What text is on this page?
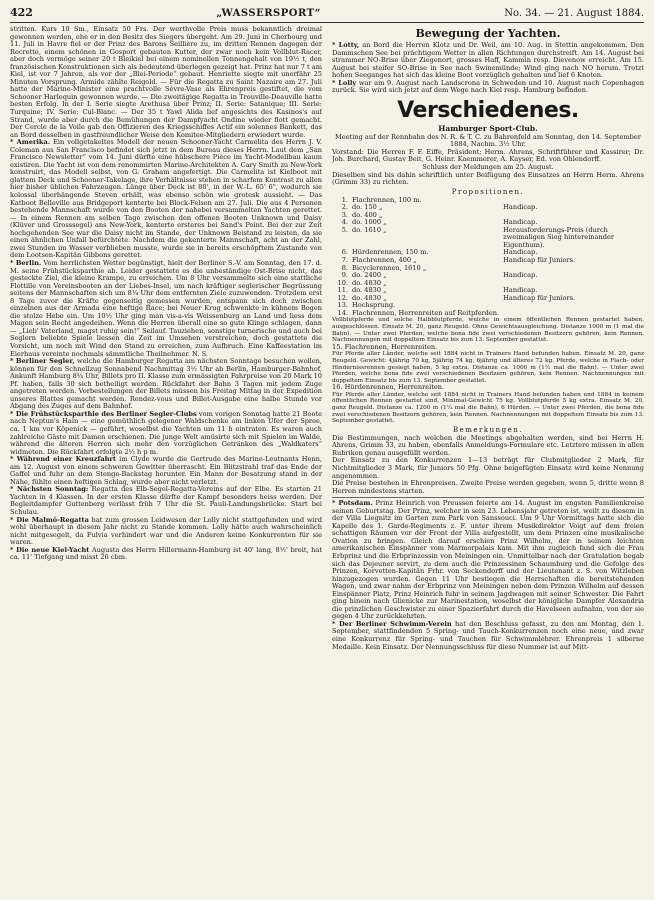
422	„WASSERSPORT“	No. 34. — 21. August 1884.

stritten. Kurs 10 Sm., Einsatz 50 Frs. Der werthvolle Preis muss bekanntlich dreimal gewonnen werden, ehe er in den Besitz des Siegers übergeht. Am 29. Juni in Cherbourg und 11. Juli in Havre fiel er der Prinz des Barons Seillière zu, im dritten Rennen dagegen der Recrette, einem schönen in Gosport gebauten Kutter, der zwar noch kein Vollblut-Racer, aber doch vermöge seiner 20 t Bleikiel bei einem nominellen Tonnengehalt von 19½ t, den französischen Konstruktionen sich als bedeutend überlegen gezeigt hat. Prinz hat nur 7 t am Kiel, ist vor 7 Jahren, als vor der „Blei-Periode“ gebaut. Henriette siegte mit unerfähr 25 Minuten Vorsprung. Armide zählte Reigold. — Für die Regatta zu Saint Nazaire am 27. Juli hatte der Marine-Minister eine prachtvolle Sèvre-Vase als Ehrenpreis gestiftet, die vom Schooner Harlequin gewonnen wurde. — Die zweitägige Regatta in Trouville-Deauville hatte besten Erfolg. In der I. Serie siegte Arethusa über Prinz; II. Serie: Satanique; III. Serie: Turquine; IV. Serie: Cul-Blanc. — Der 35 t Yawl Alida lief angesichts des Kasinos's auf Strand, wurde aber durch die Bemühungen der Dampfyacht Ondine wieder flott gemacht. Der Cercle de la Voile gab den Offizieren des Kriegsschiffes Actif ein solennes Bankett, das an Bord desselben in gastfreundlicher Weise den Komitee-Mitgliedern erwiedert wurde.

* Amerika. Ein vollgetakeltes Modell der neuen Schooner-Yacht Carmelita des Herrn J. V. Coleman aus San Francisco befindet sich jetzt in dem Bureau dieses Herrn. Laut dem „San Francisco Newsletter“ vom 14. Juni dürfte eine hübschere Pièce im Yacht-Modellbau kaum existiren. Die Yacht ist von dem renommirten Marine-Architekten A. Cary Smith zu New-York konstruirt, das Modell selbst, von G. Graham angefertigt. Die Carmelita ist Kielboot mit glattem Deck und Schooner-Takelage, ihre Verhältnisse stehen in scharfem Kontrast zu allen hier bisher üblichen Fahrzeugen. Länge über Deck ist 80', in der W.-L. 65' 6", wodurch sie kolossal überhängende Steven erhält, was ebenso schön wie grotesk aussieht. — Das Katboot Belleville aus Bridgeport kenterte bei Block-Felsen am 27. Juli. Die aus 4 Personen bestehende Mannschaft wurde von den Booten der nahebei versammelten Yachten gerettet. — In einem Rennen am selben Tage zwischen den offenen Booten Unknown und Daisy (Klüver und Grosssegel) ans New-York, kenterte ersteres bei Sand's Point. Bei der zur Zeit hochgehenden See war die Daisy nicht im Stande, der Unknown Beistand zu leisten, da sie einen ähnlichen Unfall befürchtete. Nachdem die gekenterte Mannschaft, acht an der Zahl, zwei Stunden im Wasser verblieben musste, wurde sie in bereits erschöpftem Zustande von dem Lootsen-Kapitän Gibbons gerettet.

* Berlin. Vom herrlichsten Wetter begünstigt, hielt der Berliner S.-V. am Sonntag, den 17. d. M. seine Frühstücksparthie ab. Leider gestattete es die unbeständige Ost-Brise nicht, das gesteckte Ziel, die kleine Krampe, zu erreichen. Um 8 Uhr versammelte sich eine stattliche Flottille von Vereinsbooten an der Liebes-Insel, um nach kräftiger seglerischer Begrüssung seitens der Mannschaften sich um 8¼ Uhr dem entfernten Ziele zuzuwenden. Trotzdem erst 8 Tage zuvor die Kräfte gegenseitig gemessen wurden, entspann sich doch zwischen einzelnen aus der Armada eine heftige Race; bei Neuer Krug schwenkte in kühnem Bogen die stolze Hebe ein. Um 10½ Uhr ging man vis-a-vis Weissenburg an Land und liess dem Magen sein Recht angedeihen. Wenn die Herren überall eine so gute Klinge schlagen, dann — „Lieb' Vaterland, magst ruhig sein!“ Seilauf. Tauziehen, sonstige turnerische und auch bei Seglern beliebte Spiele liessen die Zeit im Umsehen verstreichen, doch gestattete die Vorsicht, um noch mit Wind den Stand zu erreichen, zum Aufbruch. Eine Kaffeestation im Eierhaus vereinte nochmals sämmtliche Theilnehmer. N. S.

* Berliner Segler, welche die Hamburger Regatta am nächsten Sonntage besuchen wollen, können für den Schnellzug Sonnabend Nachmittag 3½ Uhr ab Berlin, Hamburger-Bahnhof, Ankunft Hamburg 8¾ Uhr, Billets pro II. Klasse zum ermässigten Fahrpreise von 20 Mark 10 Pf. haben, falls 30 sich betheiligt werden. Rückfahrt der Bahn 3 Tagen mit jedem Zuge angetreten werden. Vorbestellungen der Billets müssen bis Freitag Mittag in der Expedition unseres Blattes gemacht werden. Rendez-vous und Billet-Ausgabe eine halbe Stunde vor Abgang des Zuges auf dem Bahnhof.

* Die Frühstücksparthie des Berliner Segler-Clubs vom vorigen Sonntag hatte 21 Boote nach Neptun's Hain — eine gemüthlich gelegener Waldschenke am linken Ufer der Spree, ca. 1 km vor Köpenick — geführt, woselbst die Yachten um 11 h eintraten. Es waren auch zahlreiche Gäste mit Damen erschienen. Die junge Welt amüsirte sich mit Spielen im Walde, während die älteren Herren sich mehr den vorzüglichen Getränken des „Waldkaters“ widmeten. Die Rückfahrt erfolgte 2½ h p m.

* Während einer Kreuzfahrt im Clyde wurde die Gertrude des Marine-Leutnants Henn, am 12. August von einem schweren Gewitter überrascht. Ein Blitzstrahl traf das Ende der Gaffel und fuhr an dem Stenge-Backstag herunter. Ein Mann der Besatzung stand in der Nähe, fühlte einen heftigen Schlag, wurde aber nicht verletzt.

* Nächsten Sonntag: Regatta des Elb-Segel-Regatta-Vereins auf der Elbe. Es starten 21 Yachten in 4 Klassen. In der ersten Klasse dürfte der Kampf besonders heiss werden. Der Begleitdampfer Guttenberg verlässt früh 7 Uhr die St. Pauli-Landungsbrücke. Start bei Schulau.

* Die Malmö-Regatta hat zum grossen Leidwesen der Lolly nicht stattgefunden und wird wohl überhaupt in diesem Jahr nicht zu Stande kommen. Lolly hätte auch wahrscheinlich nicht mitgesegelt, da Fulvia verhindert war und die Anderen keine Konkurrenten für sie waren.

* Die neue Kiel-Yacht Augusta des Herrn Hillermann-Hamburg ist 40' lang, 8½' breit, hat ca. 11' Tiefgang und misst 26 cbm.

Bewegung der Yachten.

* Lotty, an Bord die Herren Klotz und Dr. Weil, am 10. Aug. in Stettin angekommen. Den Dammschen See bei prächtigem Wetter in allen Richtungen durchstreift. Am 14. August bei strammer NO-Brise über Ziegenort, grosses Haff, Kammin resp. Dievenow erreicht. Am 15. August bei steifer SO-Brise in See nach Swinemünde; Wind ging nach NO herum. Trotzt hohen Seeganges hat sich das kleine Boot vorzüglich gehalten und lief 6 Knoten.

* Lolly war am 9. August nach Landscrona in Schweden und 10. August nach Copenhagen zurück. Sie wird sich jetzt auf dem Wege nach Kiel resp. Hamburg befinden.

Verschiedenes.
Hamburger Sport-Club.

Meeting auf der Rennbahn des N. R. & T. C. zu Bahrenfeld am Sonntag, den 14. September 1884, Nachm. 3½ Uhr.

Vorstand: Die Herren F. F. Eiffe, Präsident; Herm. Ahrens, Schriftführer und Kassirer; Dr. Joh. Burchard, Gustav Beit, G. Heinr. Kaemmerer, A. Kayser, Ed. von Ohlendorff.

Schluss der Meldungen am 25. August.

Dieselben sind bis dahin schriftlich unter Beifügung des Einsatzes an Herrn Herm. Ahrens (Grimm 33) zu richten.

Propositionen.
1.	Flachrennen, 100 m.	
2.	do. 150 „	Handicap.
3.	do. 400 „	
4.	do. 1000 „	Handicap.
5.	do. 1610 „	Herausforderungs-Preis (durch zweimaligen Sieg hintereinander Eigenthum).
6.	Hürdenrennen, 150 m.	Handicap.
7.	Flachrennen, 400 „	Handicap für Juniors.
8.	Bicyclerennen, 1610 „	
9.	do. 2400 „	Handicap.
10.	do. 4830 „	
11.	do. 4830 „	Handicap.
12.	do. 4830 „	Handicap für Juniors.
13.	Hochsprung.	
14.	Flachrennen, Herrenreiten auf Reitpferden.	

Vollblutpferde und solche Halbblutpferde, welche in einem öffentlichen Rennen gestartet haben, ausgeschlossen. Einsatz M. 20, ganz Reugeld. Ohne Gewichtsausgleichung. Distanze 1000 m (1 mal die Bahn). — Unter zwei Pferden, welche bona fide zwei verschiedenen Besitzern gehören, kein Rennen. Nachnennungen mit doppeltem Einsatz bis zum 13. September gestattet.

15. Flachrennen, Herrenreiten.

Für Pferde aller Länder, welche seit 1884 nicht in Trainers Hand befunden haben. Einsatz M. 20, ganz Reugeld. Gewicht: 4jährig 70 kg, 5jährig 74 kg, 6jährig und älteres 72 kg. Pferde, welche in Flach- oder Hindernissrennen gesiegt haben, 5 kg extra. Distanze ca. 1000 m (1½ mal die Bahn). — Unter zwei Pferden, welche bona fide zwei verschiedenen Besitzern gehören, kein Rennen. Nachnennungen mit doppeltem Einsatz bis zum 13. September gestattet.

16. Hürdenrennen, Herrenreiten.

Für Pferde aller Länder, welche seit 1884 nicht in Trainers Hand befunden haben und 1884 in keinem öffentlichen Rennen gestartet sind. Minimal-Gewicht 75 kg. Vollblutpferde 5 kg extra. Einsatz M. 20, ganz Reugeld. Distanze ca. 1200 m (1¼ mal die Bahn), 6 Hürden. — Unter zwei Pferden, die bona fide zwei verschiedenen Besitzern gehören, kein Rennen. Nachnennungen mit doppeltem Einsatz bis zum 13. September gestattet.

Bemerkungen.

Die Bestimmungen, nach welchen die Meetings abgehalten werden, sind bei Herrn H. Ahrens, Grimm 33, zu haben, ebenfalls Anmeldungs-Formulare etc. Letztere müssen in allen Rubriken genau ausgefüllt werden.

Der Einsatz zu den Konkurrenzen 1—13 beträgt für Clubmitglieder 2 Mark, für Nichtmitglieder 3 Mark, für Juniors 50 Pfg. Ohne beigefügten Einsatz wird keine Nennung angenommen.

Die Preise bestehen in Ehrenpreisen. Zweite Preise werden gegeben, wenn 5, dritte wenn 8 Herren mindestens starten.

* Potsdam. Prinz Heinrich von Preussen feierte am 14. August im engsten Familienkreise seinen Geburtstag. Der Prinz, welcher in sein 23. Lebensjahr getreten ist, weilt zu diesem in der Villa Liegnitz im Garten zum Park von Sanssouci. Um 9 Uhr Vormittags hatte sich die Kapelle des 1. Garde-Regiments z. F. unter ihrem Musikdirektor Voigt auf dem freien schattigen Räumen vor der Front der Villa aufgestellt, um dem Prinzen eine musikalische Ovation zu bringen. Gleich darauf erschien Prinz Wilhelm, der in seinem leichten amerikanischen Einspänner vom Marmorpalais kam. Mit ihm zugleich fand sich die Frau Erbprinz und die Erbprinzessin von Meiningen ein. Unmittelbar nach der Gratulation begab sich das Dejeuner servirt, zu dem auch die Prinzessinen Schaumburg und die Gefolge des Prinzen, Korvetten-Kapitän Frhr. von Seckendorff und der Lieutenant z. S. von Witzleben hinzugezogen wurden. Gegen 11 Uhr bestiegen die Herrschaften die bereitstehenden Wagen, und zwar nahm der Erbprinz von Meiningen neben dem Prinzen Wilhelm auf dessen Einspänner Platz, Prinz Heinrich fuhr in seinem Jagdwagen mit seiner Schwester. Die Fahrt ging hinein nach Glienicke zur Marinestation, woselbst der königliche Dampfer Alexandria die prinzlichen Geschwister zu einer Spazierfahrt durch die Havelseen aufnahm, von der sie gegen 4 Uhr zurückkehrten.

* Der Berliner Schwimm-Verein hat den Beschluss gefasst, zu den am Montag, den 1. September, stattfindenden 5 Spring- und Tauch-Konkurrenzen noch eine neue, und zwar eine Konkurrenz für Spring- und Tauchen für Schwimmlehrer. Ehrenpreis 1 silberne Medaille. Kein Einsatz. Der Nennungsschluss für diese Nummer ist auf Mitt-
